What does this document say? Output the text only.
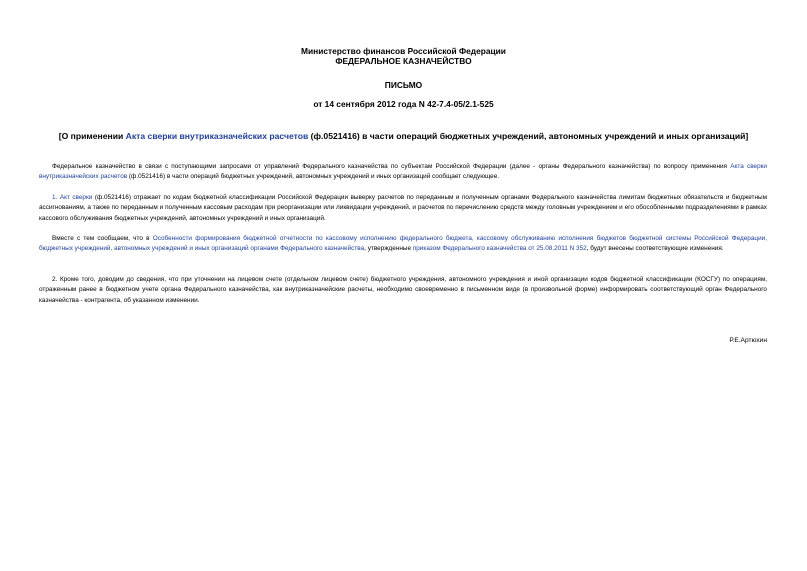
Министерство финансов Российской Федерации
ФЕДЕРАЛЬНОЕ КАЗНАЧЕЙСТВО
ПИСЬМО
от 14 сентября 2012 года N 42-7.4-05/2.1-525
[О применении Акта сверки внутриказначейских расчетов (ф.0521416) в части операций бюджетных учреждений, автономных учреждений и иных организаций]
Федеральное казначейство в связи с поступающими запросами от управлений Федерального казначейства по субъектам Российской Федерации (далее - органы Федерального казначейства) по вопросу применения Акта сверки внутриказначейских расчетов (ф.0521416) в части операций бюджетных учреждений, автономных учреждений и иных организаций сообщает следующее.
1. Акт сверки (ф.0521416) отражает по кодам бюджетной классификации Российской Федерации выверку расчетов по переданным и полученным органами Федерального казначейства лимитам бюджетных обязательств и бюджетным ассигнованиям, а также по переданным и полученным кассовым расходам при реорганизации или ликвидации учреждений, и расчетов по перечислению средств между головным учреждением и его обособленными подразделениями в рамках кассового обслуживания бюджетных учреждений, автономных учреждений и иных организаций.
Вместе с тем сообщаем, что в Особенности формирования бюджетной отчетности по кассовому исполнению федерального бюджета, кассовому обслуживанию исполнения бюджетов бюджетной системы Российской Федерации, бюджетных учреждений, автономных учреждений и иных организаций органами Федерального казначейства, утвержденные приказом Федерального казначейства от 25.08.2011 N 352, будут внесены соответствующие изменения.
2. Кроме того, доводим до сведения, что при уточнении на лицевом счете (отдельном лицевом счете) бюджетного учреждения, автономного учреждения и иной организации кодов бюджетной классификации (КОСГУ) по операциям, отраженным ранее в бюджетном учете органа Федерального казначейства, как внутриказначейские расчеты, необходимо своевременно в письменном виде (в произвольной форме) информировать соответствующий орган Федерального казначейства - контрагента, об указанном изменении.
Р.Е.Артюхин
